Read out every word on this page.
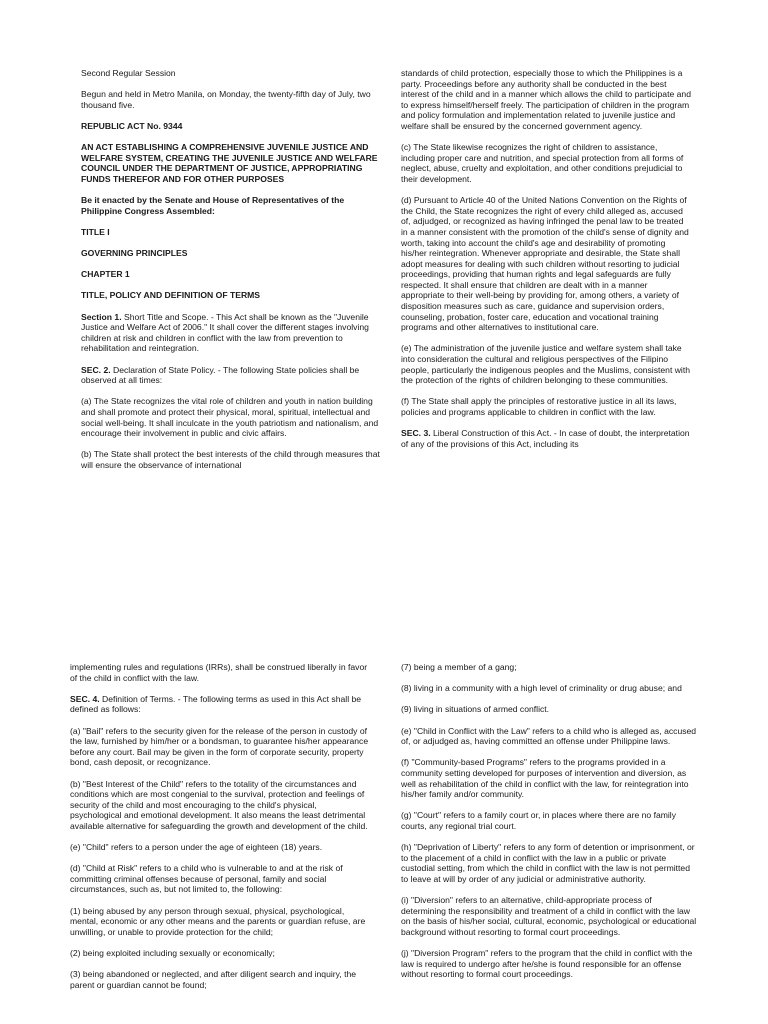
Second Regular Session

Begun and held in Metro Manila, on Monday, the twenty-fifth day of July, two thousand five.

REPUBLIC ACT No. 9344

AN ACT ESTABLISHING A COMPREHENSIVE JUVENILE JUSTICE AND WELFARE SYSTEM, CREATING THE JUVENILE JUSTICE AND WELFARE COUNCIL UNDER THE DEPARTMENT OF JUSTICE, APPROPRIATING FUNDS THEREFOR AND FOR OTHER PURPOSES

Be it enacted by the Senate and House of Representatives of the Philippine Congress Assembled:

TITLE I

GOVERNING PRINCIPLES

CHAPTER 1

TITLE, POLICY AND DEFINITION OF TERMS

Section 1. Short Title and Scope. - This Act shall be known as the "Juvenile Justice and Welfare Act of 2006." It shall cover the different stages involving children at risk and children in conflict with the law from prevention to rehabilitation and reintegration.

SEC. 2. Declaration of State Policy. - The following State policies shall be observed at all times:

(a) The State recognizes the vital role of children and youth in nation building and shall promote and protect their physical, moral, spiritual, intellectual and social well-being. It shall inculcate in the youth patriotism and nationalism, and encourage their involvement in public and civic affairs.

(b) The State shall protect the best interests of the child through measures that will ensure the observance of international

standards of child protection, especially those to which the Philippines is a party. Proceedings before any authority shall be conducted in the best interest of the child and in a manner which allows the child to participate and to express himself/herself freely. The participation of children in the program and policy formulation and implementation related to juvenile justice and welfare shall be ensured by the concerned government agency.

(c) The State likewise recognizes the right of children to assistance, including proper care and nutrition, and special protection from all forms of neglect, abuse, cruelty and exploitation, and other conditions prejudicial to their development.

(d) Pursuant to Article 40 of the United Nations Convention on the Rights of the Child, the State recognizes the right of every child alleged as, accused of, adjudged, or recognized as having infringed the penal law to be treated in a manner consistent with the promotion of the child's sense of dignity and worth, taking into account the child's age and desirability of promoting his/her reintegration. Whenever appropriate and desirable, the State shall adopt measures for dealing with such children without resorting to judicial proceedings, providing that human rights and legal safeguards are fully respected. It shall ensure that children are dealt with in a manner appropriate to their well-being by providing for, among others, a variety of disposition measures such as care, guidance and supervision orders, counseling, probation, foster care, education and vocational training programs and other alternatives to institutional care.

(e) The administration of the juvenile justice and welfare system shall take into consideration the cultural and religious perspectives of the Filipino people, particularly the indigenous peoples and the Muslims, consistent with the protection of the rights of children belonging to these communities.

(f) The State shall apply the principles of restorative justice in all its laws, policies and programs applicable to children in conflict with the law.

SEC. 3. Liberal Construction of this Act. - In case of doubt, the interpretation of any of the provisions of this Act, including its

implementing rules and regulations (IRRs), shall be construed liberally in favor of the child in conflict with the law.

SEC. 4. Definition of Terms. - The following terms as used in this Act shall be defined as follows:

(a) "Bail" refers to the security given for the release of the person in custody of the law, furnished by him/her or a bondsman, to guarantee his/her appearance before any court. Bail may be given in the form of corporate security, property bond, cash deposit, or recognizance.

(b) "Best Interest of the Child" refers to the totality of the circumstances and conditions which are most congenial to the survival, protection and feelings of security of the child and most encouraging to the child's physical, psychological and emotional development. It also means the least detrimental available alternative for safeguarding the growth and development of the child.

(e) "Child" refers to a person under the age of eighteen (18) years.

(d) "Child at Risk" refers to a child who is vulnerable to and at the risk of committing criminal offenses because of personal, family and social circumstances, such as, but not limited to, the following:

(1) being abused by any person through sexual, physical, psychological, mental, economic or any other means and the parents or guardian refuse, are unwilling, or unable to provide protection for the child;

(2) being exploited including sexually or economically;

(3) being abandoned or neglected, and after diligent search and inquiry, the parent or guardian cannot be found;

(7) being a member of a gang;

(8) living in a community with a high level of criminality or drug abuse; and

(9) living in situations of armed conflict.

(e) "Child in Conflict with the Law" refers to a child who is alleged as, accused of, or adjudged as, having committed an offense under Philippine laws.

(f) "Community-based Programs" refers to the programs provided in a community setting developed for purposes of intervention and diversion, as well as rehabilitation of the child in conflict with the law, for reintegration into his/her family and/or community.

(g) "Court" refers to a family court or, in places where there are no family courts, any regional trial court.

(h) "Deprivation of Liberty" refers to any form of detention or imprisonment, or to the placement of a child in conflict with the law in a public or private custodial setting, from which the child in conflict with the law is not permitted to leave at will by order of any judicial or administrative authority.

(i) "Diversion" refers to an alternative, child-appropriate process of determining the responsibility and treatment of a child in conflict with the law on the basis of his/her social, cultural, economic, psychological or educational background without resorting to formal court proceedings.

(j) "Diversion Program" refers to the program that the child in conflict with the law is required to undergo after he/she is found responsible for an offense without resorting to formal court proceedings.
